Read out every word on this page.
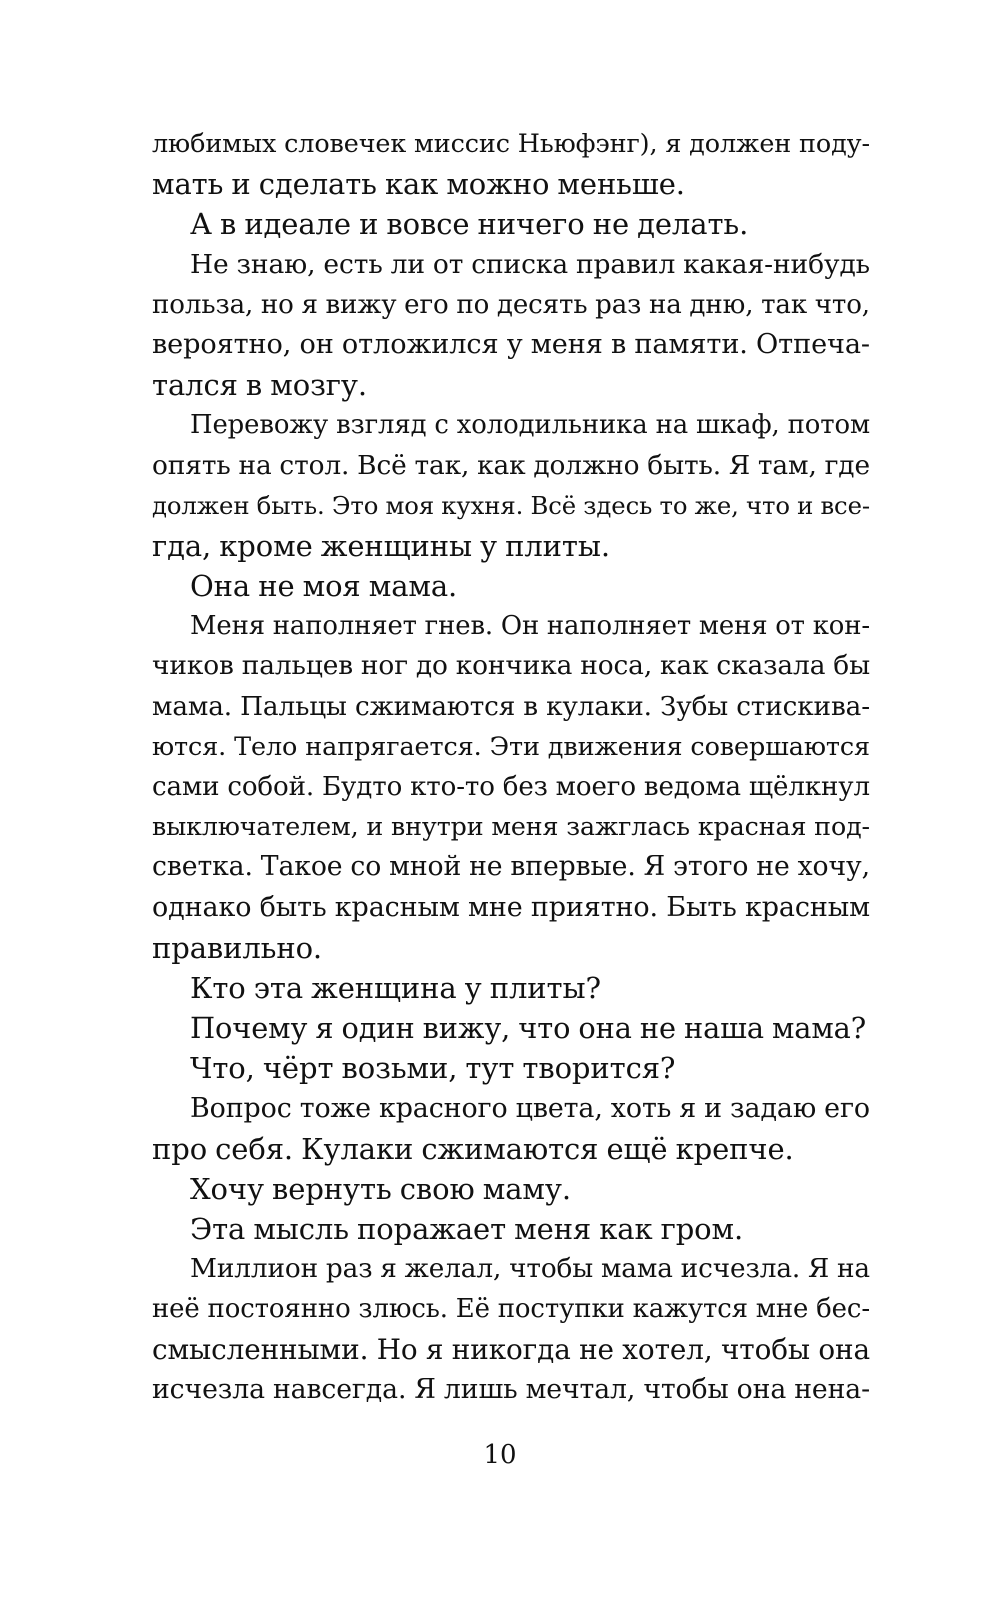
любимых словечек миссис Ньюфэнг), я должен поду-
мать и сделать как можно меньше.
А в идеале и вовсе ничего не делать.
Не знаю, есть ли от списка правил какая-нибудь
польза, но я вижу его по десять раз на дню, так что,
вероятно, он отложился у меня в памяти. Отпеча-
тался в мозгу.
Перевожу взгляд с холодильника на шкаф, потом
опять на стол. Всё так, как должно быть. Я там, где
должен быть. Это моя кухня. Всё здесь то же, что и все-
гда, кроме женщины у плиты.
Она не моя мама.
Меня наполняет гнев. Он наполняет меня от кон-
чиков пальцев ног до кончика носа, как сказала бы
мама. Пальцы сжимаются в кулаки. Зубы стискива-
ются. Тело напрягается. Эти движения совершаются
сами собой. Будто кто-то без моего ведома щёлкнул
выключателем, и внутри меня зажглась красная под-
светка. Такое со мной не впервые. Я этого не хочу,
однако быть красным мне приятно. Быть красным
правильно.
Кто эта женщина у плиты?
Почему я один вижу, что она не наша мама?
Что, чёрт возьми, тут творится?
Вопрос тоже красного цвета, хоть я и задаю его
про себя. Кулаки сжимаются ещё крепче.
Хочу вернуть свою маму.
Эта мысль поражает меня как гром.
Миллион раз я желал, чтобы мама исчезла. Я на
неё постоянно злюсь. Её поступки кажутся мне бес-
смысленными. Но я никогда не хотел, чтобы она
исчезла навсегда. Я лишь мечтал, чтобы она нена-
10
